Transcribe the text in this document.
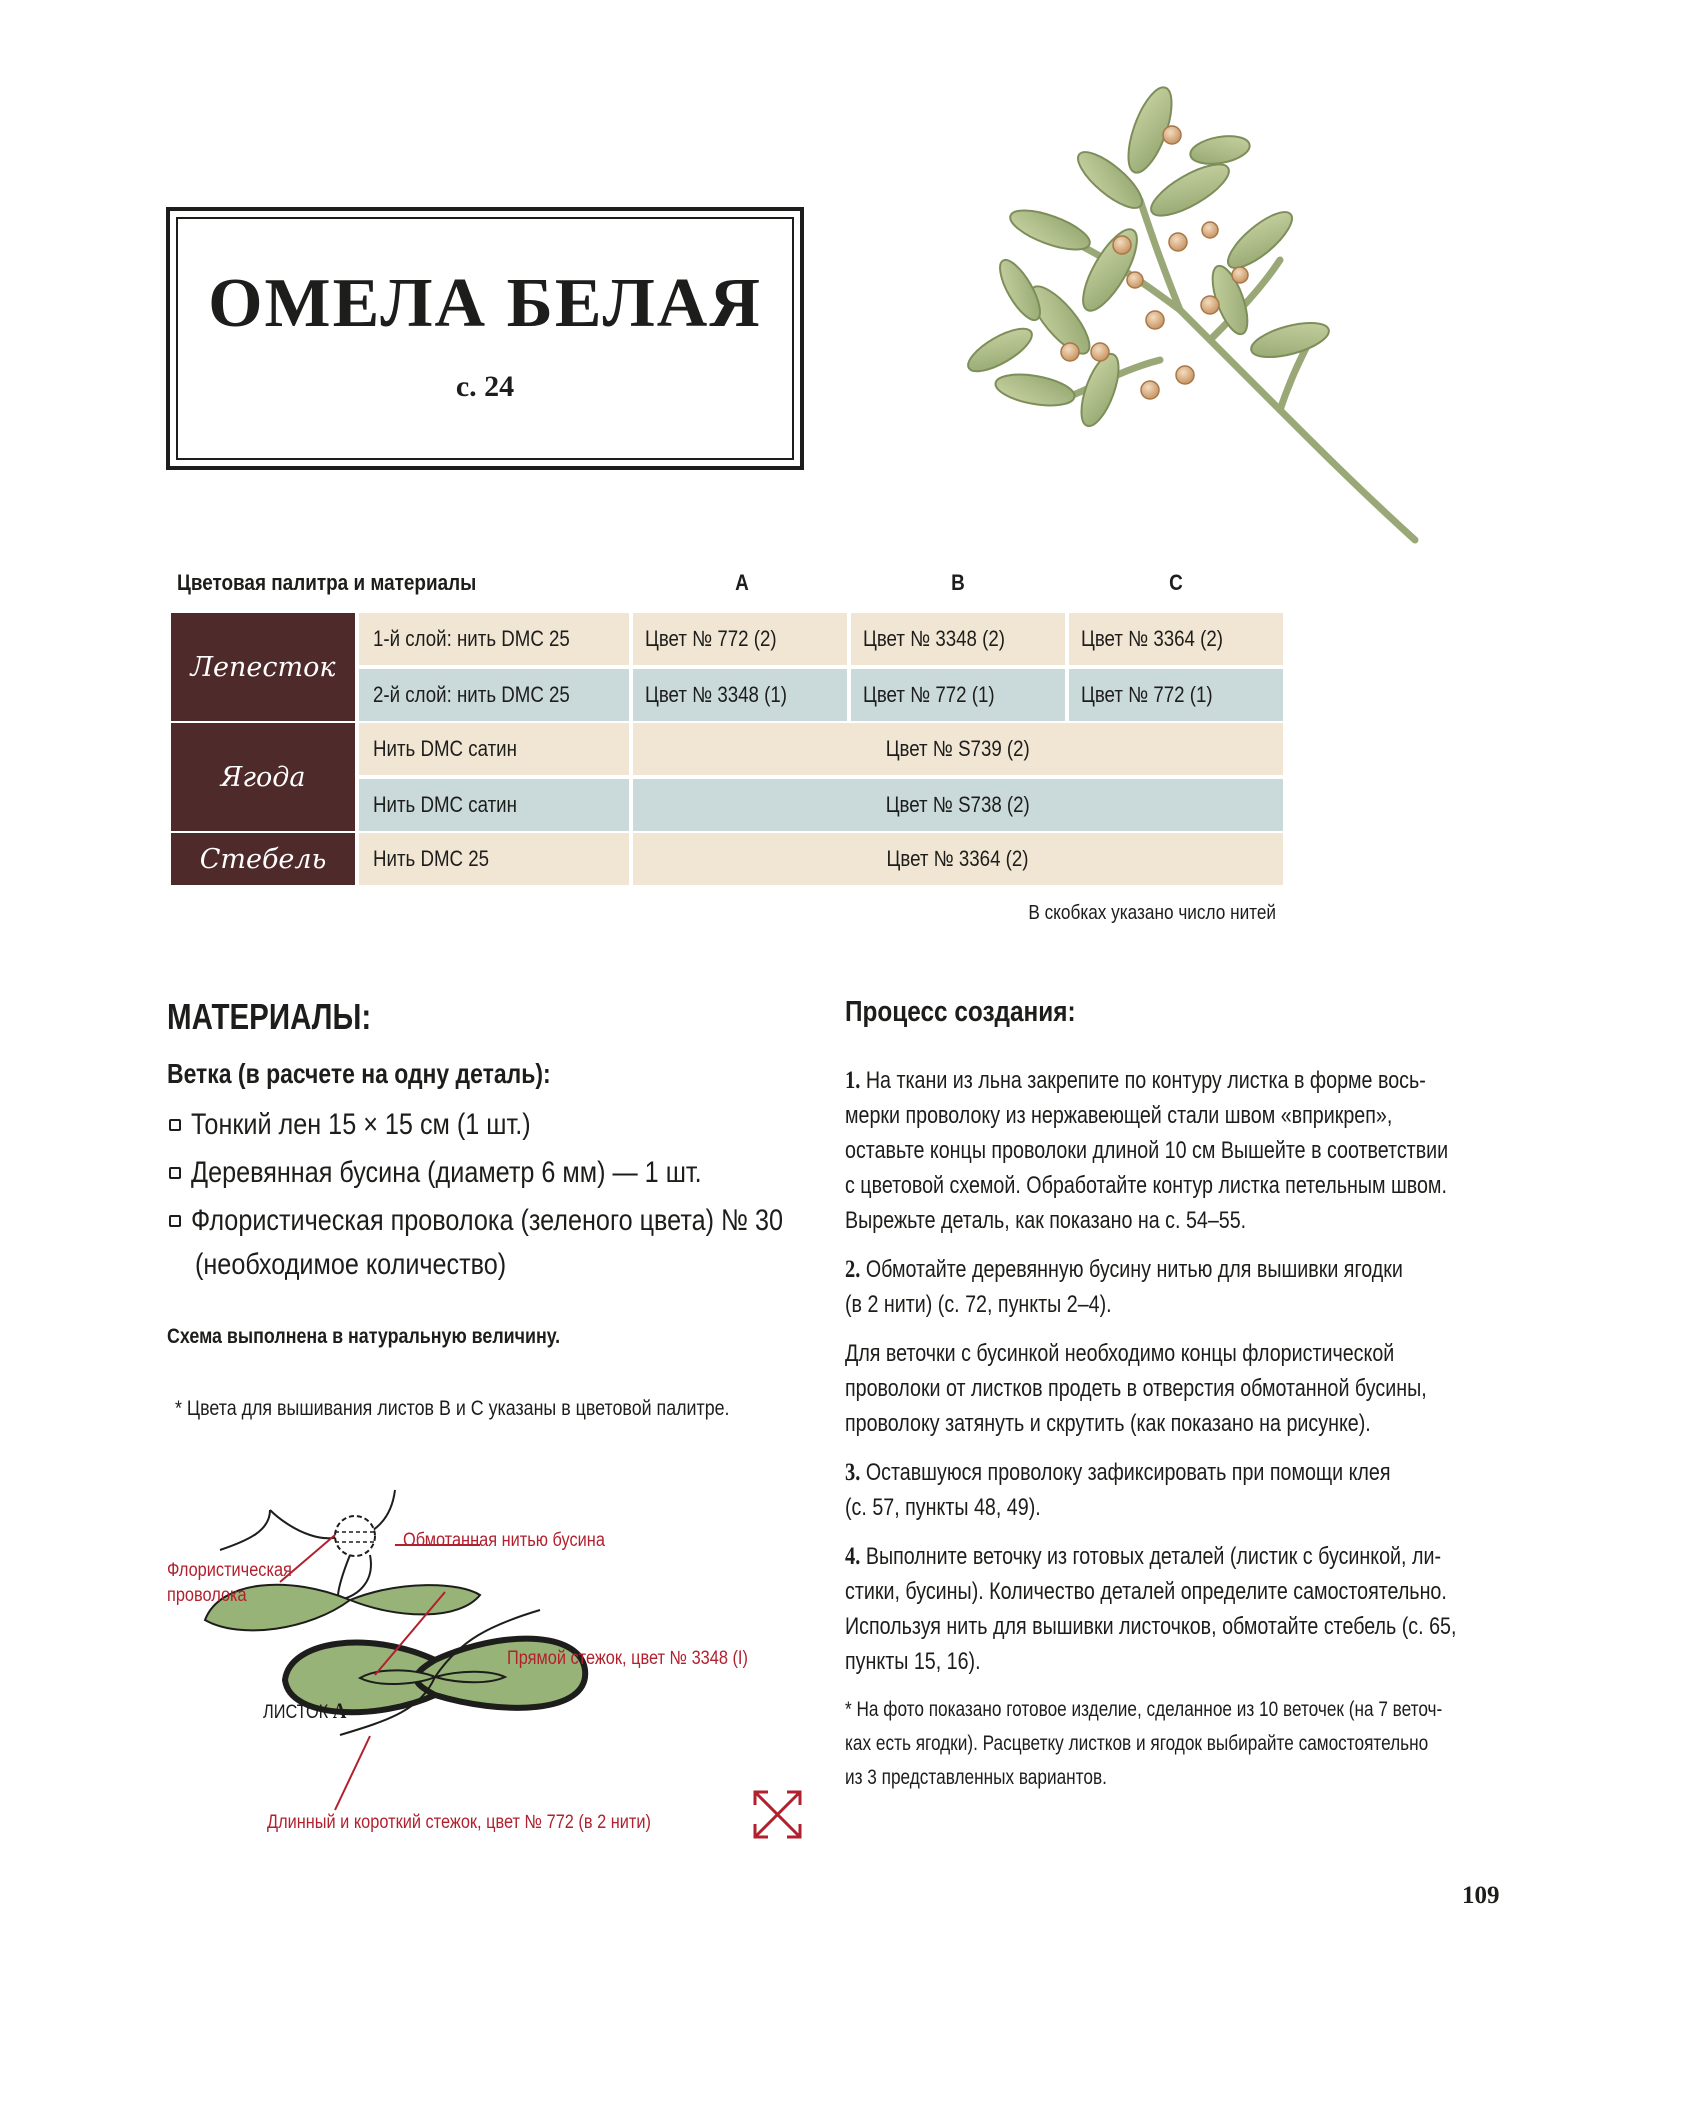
ОМЕЛА БЕЛАЯ
с. 24
Цветовая палитра и материалы	A	B	C
Лепесток
1-й слой: нить DMC 25	Цвет № 772 (2)	Цвет № 3348 (2)	Цвет № 3364 (2)
2-й слой: нить DMC 25	Цвет № 3348 (1)	Цвет № 772 (1)	Цвет № 772 (1)
Ягода
Нить DMC сатин	Цвет № S739 (2)
Нить DMC сатин	Цвет № S738 (2)
Стебель	Нить DMC 25	Цвет № 3364 (2)
В скобках указано число нитей
МАТЕРИАЛЫ:
Ветка (в расчете на одну деталь):
Тонкий лен 15 × 15 см (1 шт.)
Деревянная бусина (диаметр 6 мм) — 1 шт.
Флористическая проволока (зеленого цвета) № 30
(необходимое количество)
Схема выполнена в натуральную величину.
* Цвета для вышивания листов B и C указаны в цветовой палитре.
Обмотанная нитью бусина
Флористическая
проволока
Прямой стежок, цвет № 3348 (I)
ЛИСТОК A
Длинный и короткий стежок, цвет № 772 (в 2 нити)
Процесс создания:
1. На ткани из льна закрепите по контуру листка в форме вось-
мерки проволоку из нержавеющей стали швом «вприкреп»,
оставьте концы проволоки длиной 10 см Вышейте в соответствии
с цветовой схемой. Обработайте контур листка петельным швом.
Вырежьте деталь, как показано на с. 54–55.
2. Обмотайте деревянную бусину нитью для вышивки ягодки
(в 2 нити) (с. 72, пункты 2–4).
Для веточки с бусинкой необходимо концы флористической
проволоки от листков продеть в отверстия обмотанной бусины,
проволоку затянуть и скрутить (как показано на рисунке).
3. Оставшуюся проволоку зафиксировать при помощи клея
(с. 57, пункты 48, 49).
4. Выполните веточку из готовых деталей (листик с бусинкой, ли-
стики, бусины). Количество деталей определите самостоятельно.
Используя нить для вышивки листочков, обмотайте стебель (с. 65,
пункты 15, 16).
* На фото показано готовое изделие, сделанное из 10 веточек (на 7 веточ-
ках есть ягодки). Расцветку листков и ягодок выбирайте самостоятельно
из 3 представленных вариантов.
109
